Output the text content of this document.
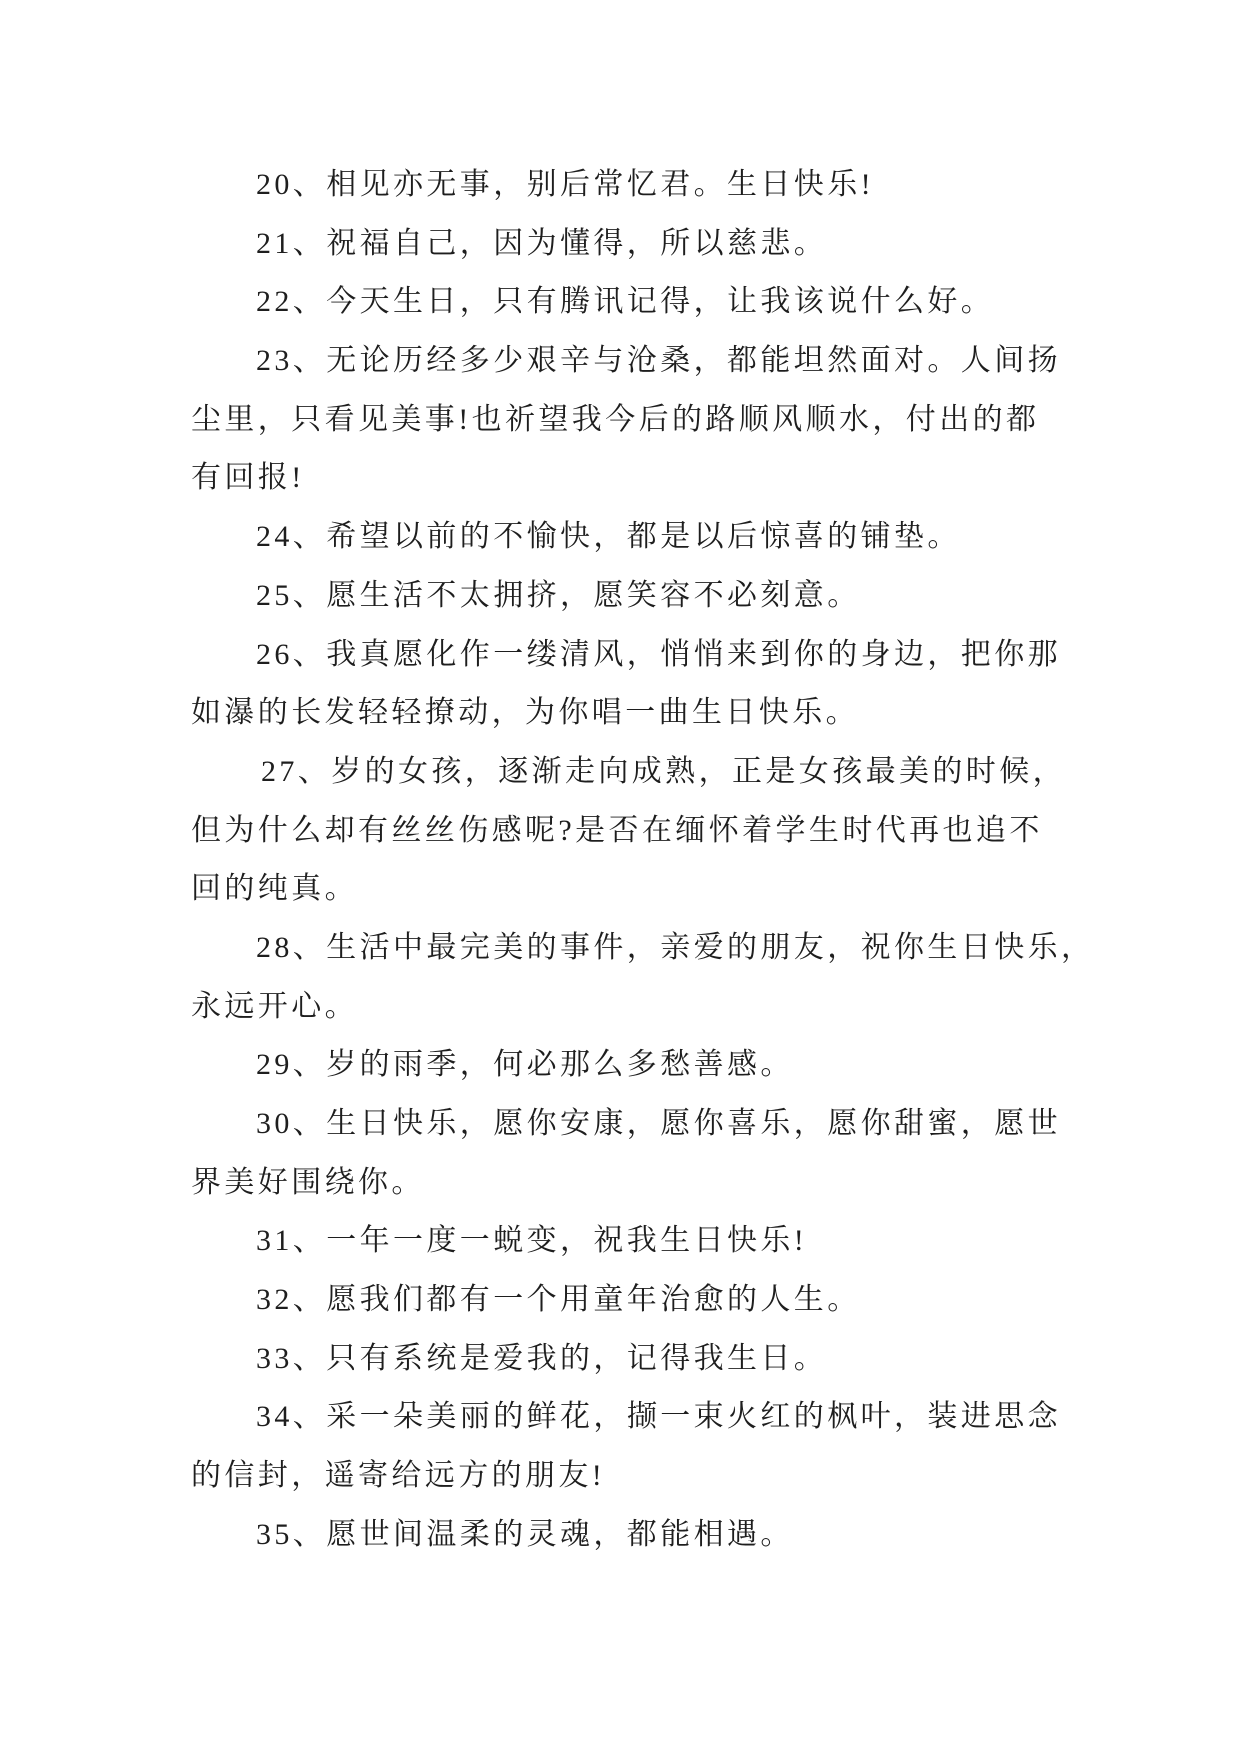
20、相见亦无事，别后常忆君。生日快乐!
21、祝福自己，因为懂得，所以慈悲。
22、今天生日，只有腾讯记得，让我该说什么好。
23、无论历经多少艰辛与沧桑，都能坦然面对。人间扬
尘里，只看见美事!也祈望我今后的路顺风顺水，付出的都
有回报!
24、希望以前的不愉快，都是以后惊喜的铺垫。
25、愿生活不太拥挤，愿笑容不必刻意。
26、我真愿化作一缕清风，悄悄来到你的身边，把你那
如瀑的长发轻轻撩动，为你唱一曲生日快乐。
27、岁的女孩，逐渐走向成熟，正是女孩最美的时候，
但为什么却有丝丝伤感呢?是否在缅怀着学生时代再也追不
回的纯真。
28、生活中最完美的事件，亲爱的朋友，祝你生日快乐，
永远开心。
29、岁的雨季，何必那么多愁善感。
30、生日快乐，愿你安康，愿你喜乐，愿你甜蜜，愿世
界美好围绕你。
31、一年一度一蜕变，祝我生日快乐!
32、愿我们都有一个用童年治愈的人生。
33、只有系统是爱我的，记得我生日。
34、采一朵美丽的鲜花，撷一束火红的枫叶，装进思念
的信封，遥寄给远方的朋友!
35、愿世间温柔的灵魂，都能相遇。
